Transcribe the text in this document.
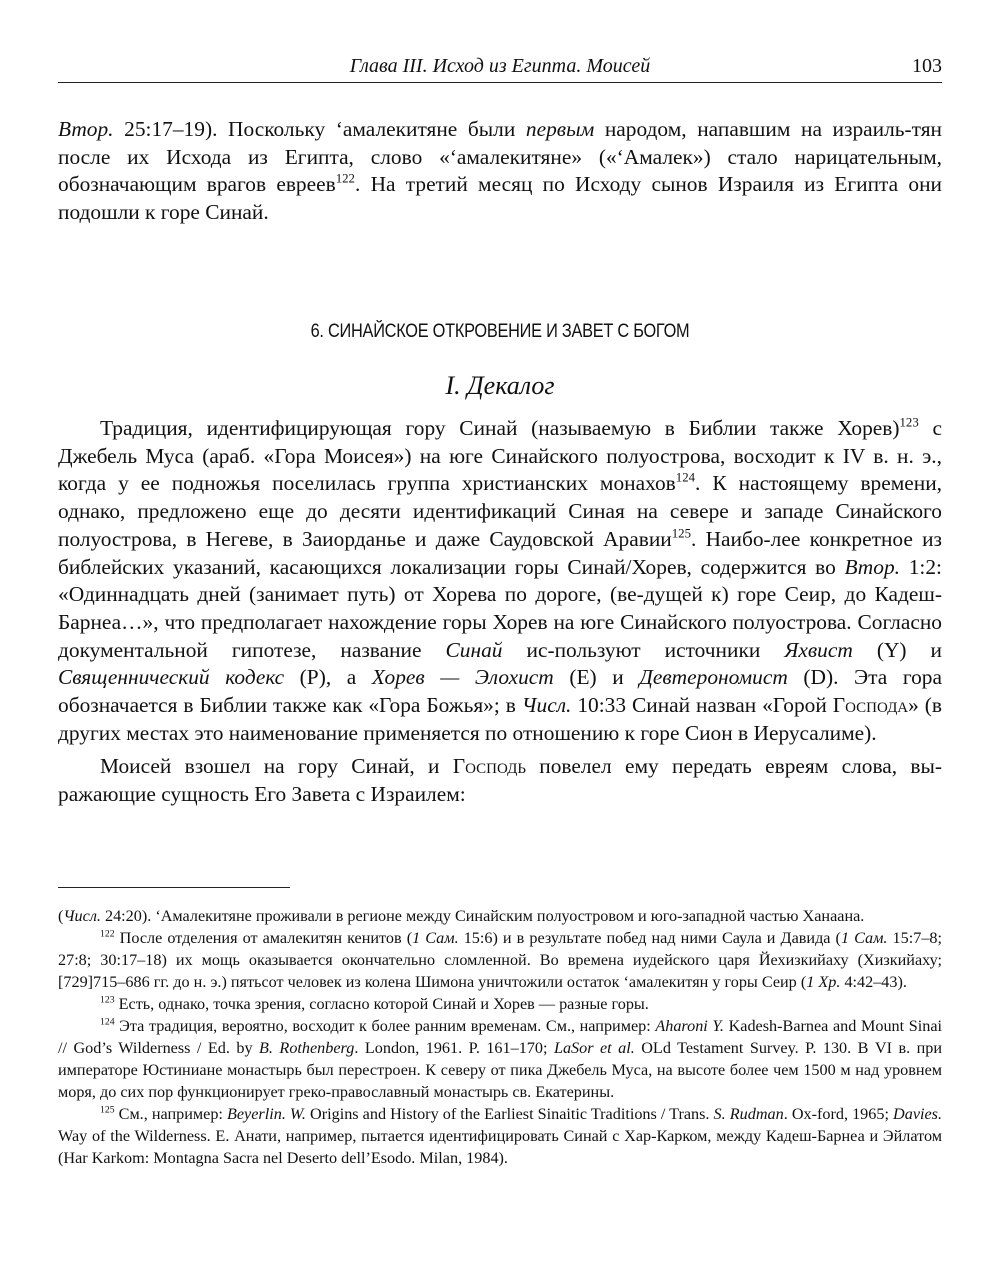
Глава III. Исход из Египта. Моисей	103

Втор. 25:17–19). Поскольку ‘амалекитяне были первым народом, напавшим на израиль-тян после их Исхода из Египта, слово «‘амалекитяне» («‘Амалек») стало нарицательным, обозначающим врагов евреев$^{122}$. На третий месяц по Исходу сынов Израиля из Египта они подошли к горе Синай.

6. СИНАЙСКОЕ ОТКРОВЕНИЕ И ЗАВЕТ С БОГОМ
I. Декалог

Традиция, идентифицирующая гору Синай (называемую в Библии также Хорев)$^{123}$ с Джебель Муса (араб. «Гора Моисея») на юге Синайского полуострова, восходит к IV в. н. э., когда у ее подножья поселилась группа христианских монахов$^{124}$. К настоящему времени, однако, предложено еще до десяти идентификаций Синая на севере и западе Синайского полуострова, в Негеве, в Заиорданье и даже Саудовской Аравии$^{125}$. Наибо-лее конкретное из библейских указаний, касающихся локализации горы Синай/Хорев, содержится во Втор. 1:2: «Одиннадцать дней (занимает путь) от Хорева по дороге, (ве-дущей к) горе Сеир, до Кадеш-Барнеа…», что предполагает нахождение горы Хорев на юге Синайского полуострова. Согласно документальной гипотезе, название Синай ис-пользуют источники Яхвист (Y) и Священнический кодекс (P), а Хорев — Элохист (E) и Девтерономист (D). Эта гора обозначается в Библии также как «Гора Божья»; в Числ. 10:33 Синай назван «Горой Господа» (в других местах это наименование применяется по отношению к горе Сион в Иерусалиме).

Моисей взошел на гору Синай, и Господь повелел ему передать евреям слова, вы-ражающие сущность Его Завета с Израилем:

(Числ. 24:20). ‘Амалекитяне проживали в регионе между Синайским полуостровом и юго-западной частью Ханаана.

$^{122}$ После отделения от амалекитян кенитов (1 Сам. 15:6) и в результате побед над ними Саула и Давида (1 Сам. 15:7–8; 27:8; 30:17–18) их мощь оказывается окончательно сломленной. Во времена иудейского царя Йехизкийаху (Хизкийаху; [729]715–686 гг. до н. э.) пятьсот человек из колена Шимона уничтожили остаток ‘амалекитян у горы Сеир (1 Хр. 4:42–43).

$^{123}$ Есть, однако, точка зрения, согласно которой Синай и Хорев — разные горы.

$^{124}$ Эта традиция, вероятно, восходит к более ранним временам. См., например: Aharoni Y. Kadesh-Barnea and Mount Sinai // God’s Wilderness / Ed. by B. Rothenberg. London, 1961. P. 161–170; LaSor et al. OLd Testament Survey. P. 130. В VI в. при императоре Юстиниане монастырь был перестроен. К северу от пика Джебель Муса, на высоте более чем 1500 м над уровнем моря, до сих пор функционирует греко-православный монастырь св. Екатерины.

$^{125}$ См., например: Beyerlin. W. Origins and History of the Earliest Sinaitic Traditions / Trans. S. Rudman. Ox-ford, 1965; Davies. Way of the Wilderness. E. Анати, например, пытается идентифицировать Синай с Хар-Карком, между Кадеш-Барнеа и Эйлатом (Har Karkom: Montagna Sacra nel Deserto dell’Esodo. Milan, 1984).
